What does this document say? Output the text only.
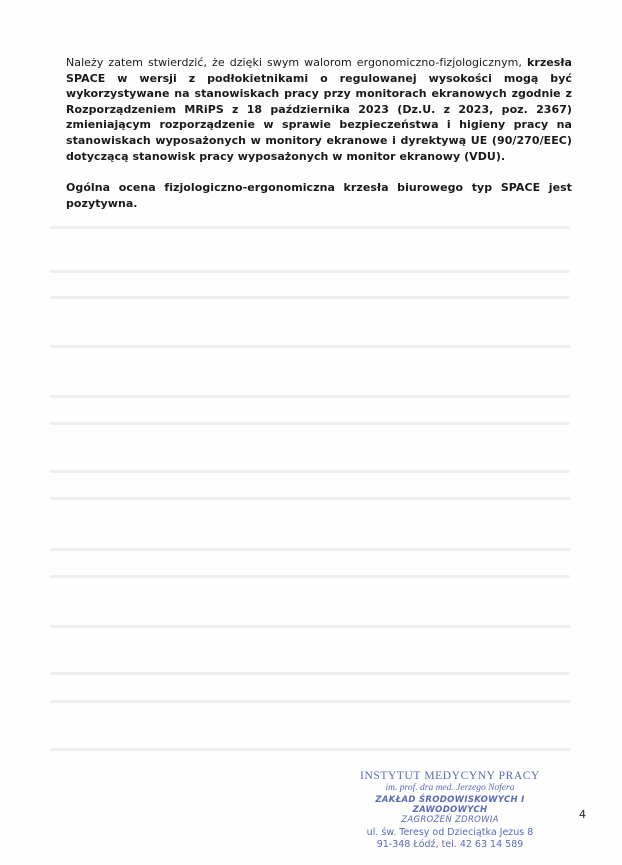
Należy zatem stwierdzić, że dzięki swym walorom ergonomiczno-fizjologicznym, krzesła SPACE w wersji z podłokietnikami o regulowanej wysokości mogą być wykorzystywane na stanowiskach pracy przy monitorach ekranowych zgodnie z Rozporządzeniem MRiPS z 18 października 2023 (Dz.U. z 2023, poz. 2367) zmieniającym rozporządzenie w sprawie bezpieczeństwa i higieny pracy na stanowiskach wyposażonych w monitory ekranowe i dyrektywą UE (90/270/EEC) dotyczącą stanowisk pracy wyposażonych w monitor ekranowy (VDU).

Ogólna ocena fizjologiczno-ergonomiczna krzesła biurowego typ SPACE jest pozytywna.

INSTYTUT MEDYCYNY PRACY
im. prof. dra med. Jerzego Nofera
ZAKŁAD ŚRODOWISKOWYCH I ZAWODOWYCH
ZAGROŻEŃ ZDROWIA
ul. św. Teresy od Dzieciątka Jezus 8
91-348 Łódź, tel. 42 63 14 589
4
